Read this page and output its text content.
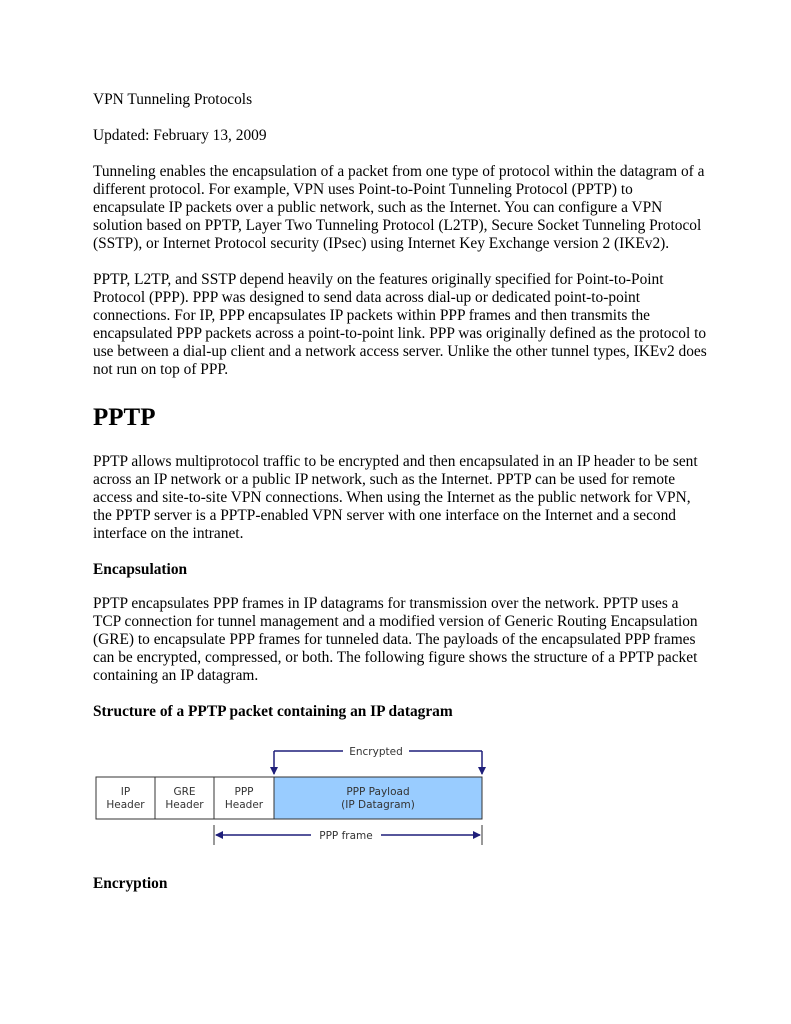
VPN Tunneling Protocols

Updated: February 13, 2009

Tunneling enables the encapsulation of a packet from one type of protocol within the datagram of a different protocol. For example, VPN uses Point-to-Point Tunneling Protocol (PPTP) to encapsulate IP packets over a public network, such as the Internet. You can configure a VPN solution based on PPTP, Layer Two Tunneling Protocol (L2TP), Secure Socket Tunneling Protocol (SSTP), or Internet Protocol security (IPsec) using Internet Key Exchange version 2 (IKEv2).

PPTP, L2TP, and SSTP depend heavily on the features originally specified for Point-to-Point Protocol (PPP). PPP was designed to send data across dial-up or dedicated point-to-point connections. For IP, PPP encapsulates IP packets within PPP frames and then transmits the encapsulated PPP packets across a point-to-point link. PPP was originally defined as the protocol to use between a dial-up client and a network access server. Unlike the other tunnel types, IKEv2 does not run on top of PPP.

PPTP

PPTP allows multiprotocol traffic to be encrypted and then encapsulated in an IP header to be sent across an IP network or a public IP network, such as the Internet. PPTP can be used for remote access and site-to-site VPN connections. When using the Internet as the public network for VPN, the PPTP server is a PPTP-enabled VPN server with one interface on the Internet and a second interface on the intranet.

Encapsulation

PPTP encapsulates PPP frames in IP datagrams for transmission over the network. PPTP uses a TCP connection for tunnel management and a modified version of Generic Routing Encapsulation (GRE) to encapsulate PPP frames for tunneled data. The payloads of the encapsulated PPP frames can be encrypted, compressed, or both. The following figure shows the structure of a PPTP packet containing an IP datagram.

Structure of a PPTP packet containing an IP datagram
Encrypted
IP
Header
GRE
Header
PPP
Header
PPP Payload
(IP Datagram)
PPP frame
Encryption
